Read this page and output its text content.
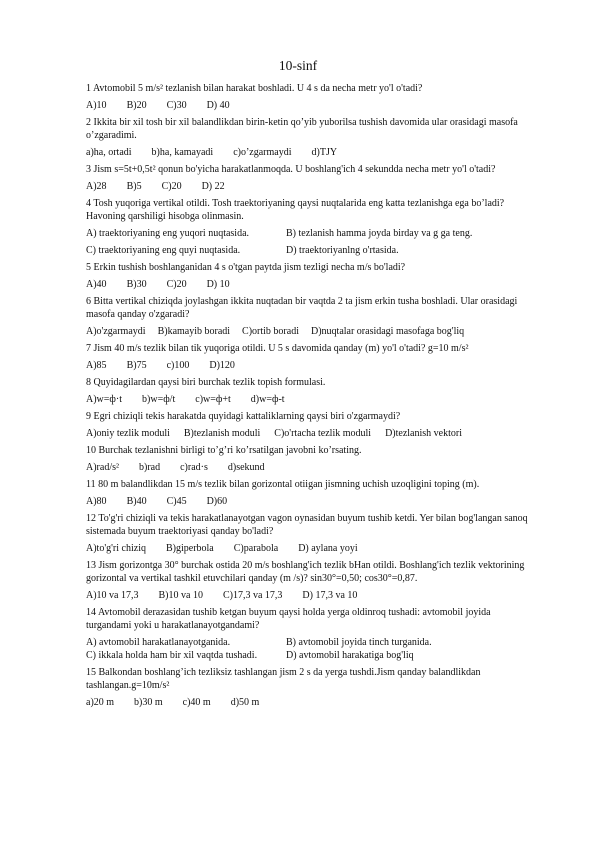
10-sinf
1 Avtomobil 5 m/s² tezlanish bilan harakat boshladi. U 4 s da necha metr yo'l o'tadi?
A)10 B)20 C)30 D) 40
2 Ikkita bir xil tosh bir xil balandlikdan birin-ketin qo’yib yuborilsa tushish davomida ular orasidagi masofa o’zgaradimi.
a)ha, ortadi b)ha, kamayadi c)o’zgarmaydi d)TJY
3 Jism s=5t+0,5t² qonun bo'yicha harakatlanmoqda. U boshlang'ich 4 sekundda necha metr yo'l o'tadi?
A)28 B)5 C)20 D) 22
4 Tosh yuqoriga vertikal otildi. Tosh traektoriyaning qaysi nuqtalarida eng katta tezlanishga ega bo’ladi? Havoning qarshiligi hisobga olinmasin.
A) traektoriyaning eng yuqori nuqtasida.	B) tezlanish hamma joyda birday va g ga teng.
C) traektoriyaning eng quyi nuqtasida.	D) traektoriyanlng o'rtasida.
5 Erkin tushish boshlanganidan 4 s o'tgan paytda jism tezligi necha m/s bo'ladi?
A)40 B)30 C)20 D) 10
6 Bitta vertikal chiziqda joylashgan ikkita nuqtadan bir vaqtda 2 ta jism erkin tusha boshladi. Ular orasidagi masofa qanday o'zgaradi?
A)o'zgarmaydi B)kamayib boradi C)ortib boradi D)nuqtalar orasidagi masofaga bog'liq
7 Jism 40 m/s tezlik bilan tik yuqoriga otildi. U 5 s davomida qanday (m) yo'l o'tadi? g=10 m/s²
A)85 B)75 c)100 D)120
8 Quyidagilardan qaysi biri burchak tezlik topish formulasi.
A)w=ф·t b)w=ф/t c)w=ф+t d)w=ф-t
9 Egri chiziqli tekis harakatda quyidagi kattaliklarning qaysi biri o'zgarmaydi?
A)oniy tezlik moduli B)tezlanish moduli C)o'rtacha tezlik moduli D)tezlanish vektori
10 Burchak tezlanishni birligi to’g’ri ko’rsatilgan javobni ko’rsating.
A)rad/s² b)rad c)rad·s d)sekund
11 80 m balandlikdan 15 m/s tezlik bilan gorizontal otiigan jismning uchish uzoqligini toping (m).
A)80 B)40 C)45 D)60
12 To'g'ri chiziqli va tekis harakatlanayotgan vagon oynasidan buyum tushib ketdi. Yer bilan bog'langan sanoq sistemada buyum traektoriyasi qanday bo'ladi?
A)to'g'ri chiziq B)giperbola C)parabola D) aylana yoyi
13 Jism gorizontga 30° burchak ostida 20 m/s boshlang'ich tezlik bHan otildi. Boshlang'ich tezlik vektorining gorizontal va vertikal tashkil etuvchilari qanday (m /s)? sin30°=0,50; cos30°=0,87.
A)10 va 17,3 B)10 va 10 C)17,3 va 17,3 D) 17,3 va 10
14 Avtomobil derazasidan tushib ketgan buyum qaysi holda yerga oldinroq tushadi: avtomobil joyida turgandami yoki u harakatlanayotgandami?
A) avtomobil harakatlanayotganida.	B) avtomobil joyida tinch turganida.
C) ikkala holda ham bir xil vaqtda tushadi.	D) avtomobil harakatiga bog'liq
15 Balkondan boshlang’ich tezliksiz tashlangan jism 2 s da yerga tushdi.Jism qanday balandlikdan tashlangan.g=10m/s²
a)20 m b)30 m c)40 m d)50 m
